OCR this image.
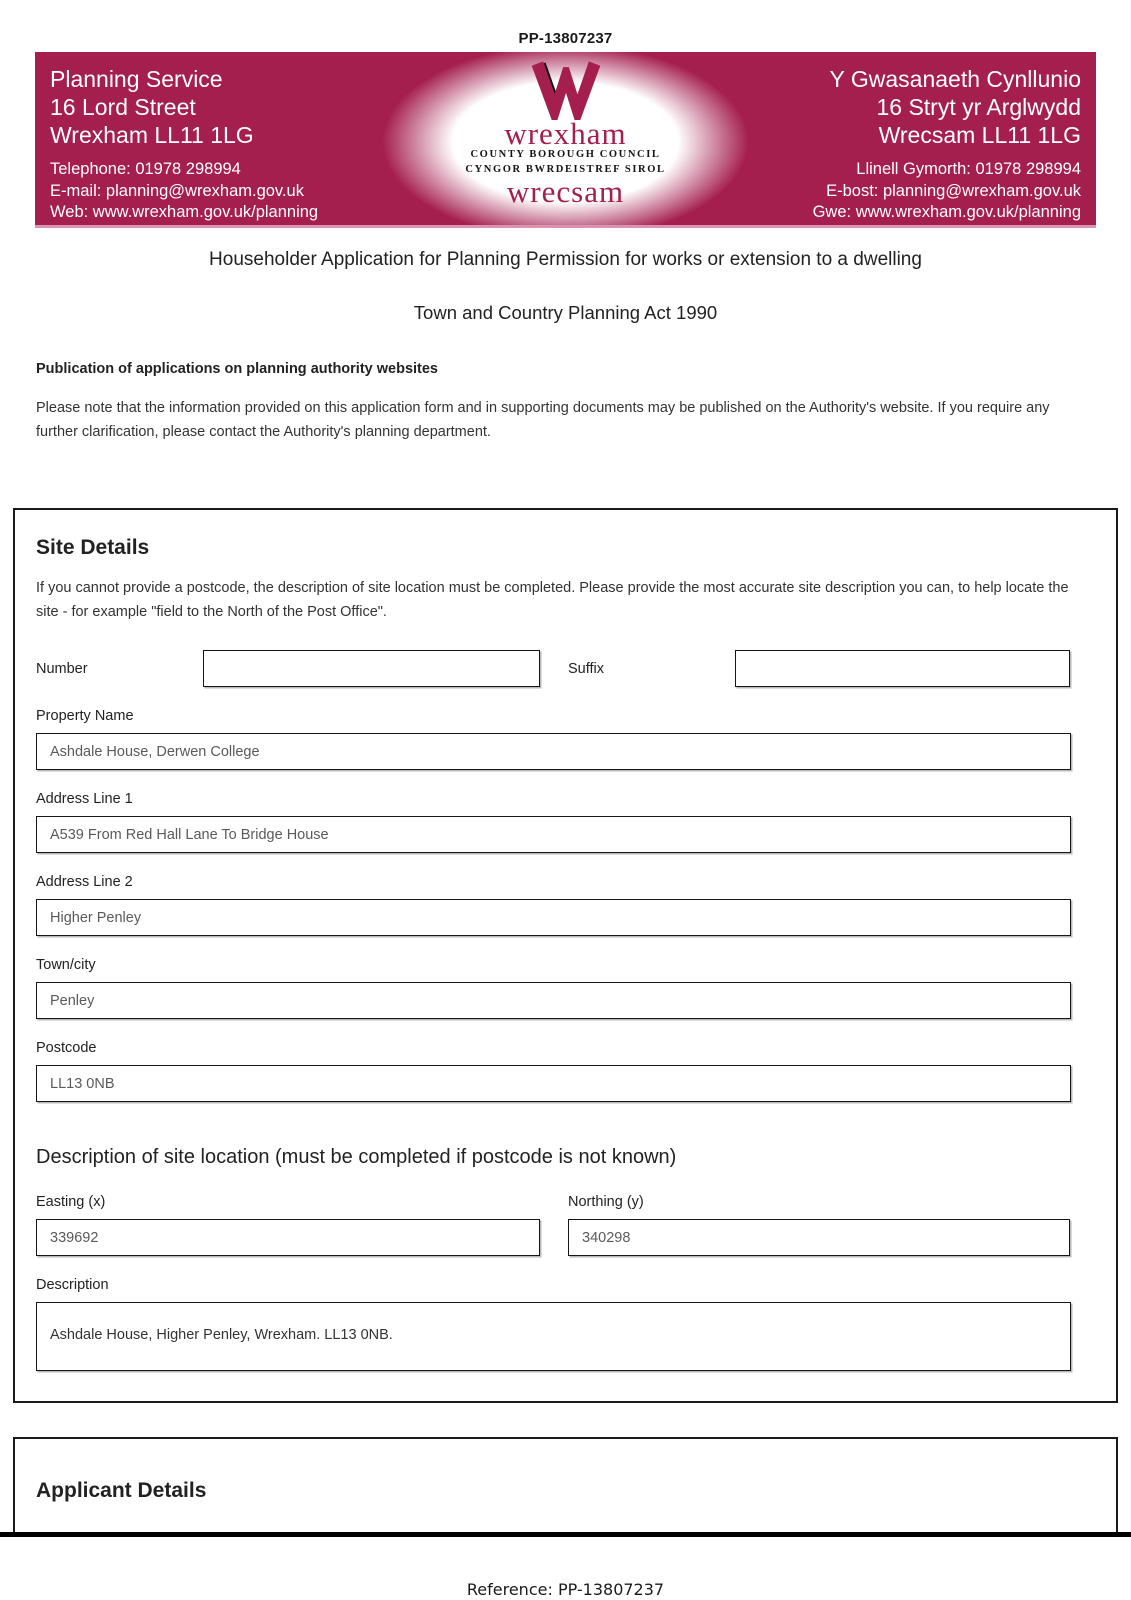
PP-13807237
Planning Service
16 Lord Street
Wrexham LL11 1LG
Telephone: 01978 298994
E-mail: planning@wrexham.gov.uk
Web: www.wrexham.gov.uk/planning
wrexham
COUNTY BOROUGH COUNCIL
CYNGOR BWRDEISTREF SIROL
wrecsam
Y Gwasanaeth Cynllunio
16 Stryt yr Arglwydd
Wrecsam LL11 1LG
Llinell Gymorth: 01978 298994
E-bost: planning@wrexham.gov.uk
Gwe: www.wrexham.gov.uk/planning
Householder Application for Planning Permission for works or extension to a dwelling
Town and Country Planning Act 1990
Publication of applications on planning authority websites
Please note that the information provided on this application form and in supporting documents may be published on the Authority's website. If you require any further clarification, please contact the Authority's planning department.
Site Details
If you cannot provide a postcode, the description of site location must be completed. Please provide the most accurate site description you can, to help locate the site - for example "field to the North of the Post Office".
Number	Suffix
Property Name
Ashdale House, Derwen College
Address Line 1
A539 From Red Hall Lane To Bridge House
Address Line 2
Higher Penley
Town/city
Penley
Postcode
LL13 0NB
Description of site location (must be completed if postcode is not known)
Easting (x)
339692	Northing (y)
340298
Description
Ashdale House, Higher Penley, Wrexham. LL13 0NB.
Applicant Details
Reference: PP-13807237
